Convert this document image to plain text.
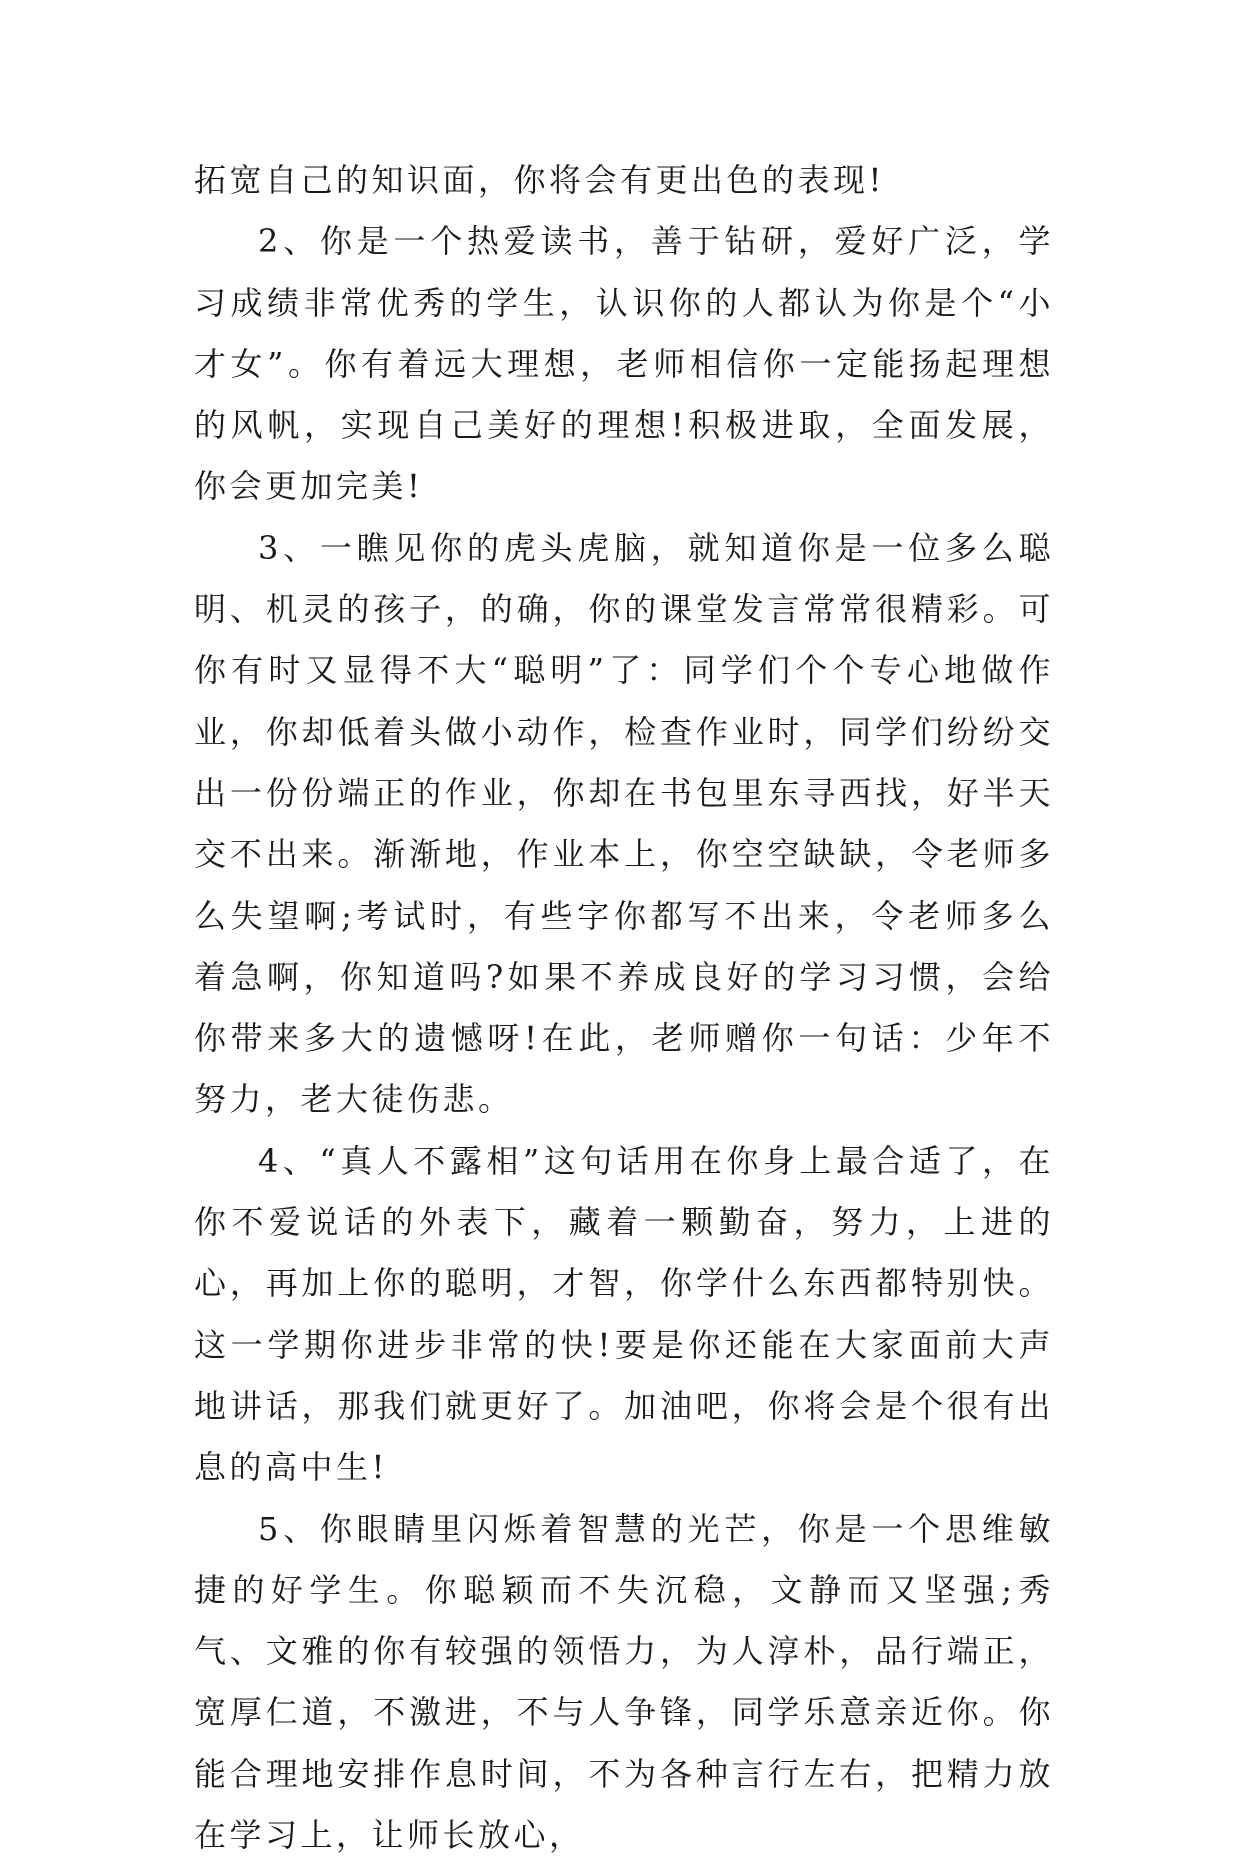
拓宽自己的知识面，你将会有更出色的表现!

2、你是一个热爱读书，善于钻研，爱好广泛，学习成绩非常优秀的学生，认识你的人都认为你是个“小才女”。你有着远大理想，老师相信你一定能扬起理想的风帆，实现自己美好的理想!积极进取，全面发展，你会更加完美!

3、一瞧见你的虎头虎脑，就知道你是一位多么聪明、机灵的孩子，的确，你的课堂发言常常很精彩。可你有时又显得不大“聪明”了：同学们个个专心地做作业，你却低着头做小动作，检查作业时，同学们纷纷交出一份份端正的作业，你却在书包里东寻西找，好半天交不出来。渐渐地，作业本上，你空空缺缺，令老师多么失望啊;考试时，有些字你都写不出来，令老师多么着急啊，你知道吗?如果不养成良好的学习习惯，会给你带来多大的遗憾呀!在此，老师赠你一句话：少年不努力，老大徒伤悲。

4、“真人不露相”这句话用在你身上最合适了，在你不爱说话的外表下，藏着一颗勤奋，努力，上进的心，再加上你的聪明，才智，你学什么东西都特别快。这一学期你进步非常的快!要是你还能在大家面前大声地讲话，那我们就更好了。加油吧，你将会是个很有出息的高中生!

5、你眼睛里闪烁着智慧的光芒，你是一个思维敏捷的好学生。你聪颖而不失沉稳，文静而又坚强;秀气、文雅的你有较强的领悟力，为人淳朴，品行端正，宽厚仁道，不激进，不与人争锋，同学乐意亲近你。你能合理地安排作息时间，不为各种言行左右，把精力放在学习上，让师长放心，
